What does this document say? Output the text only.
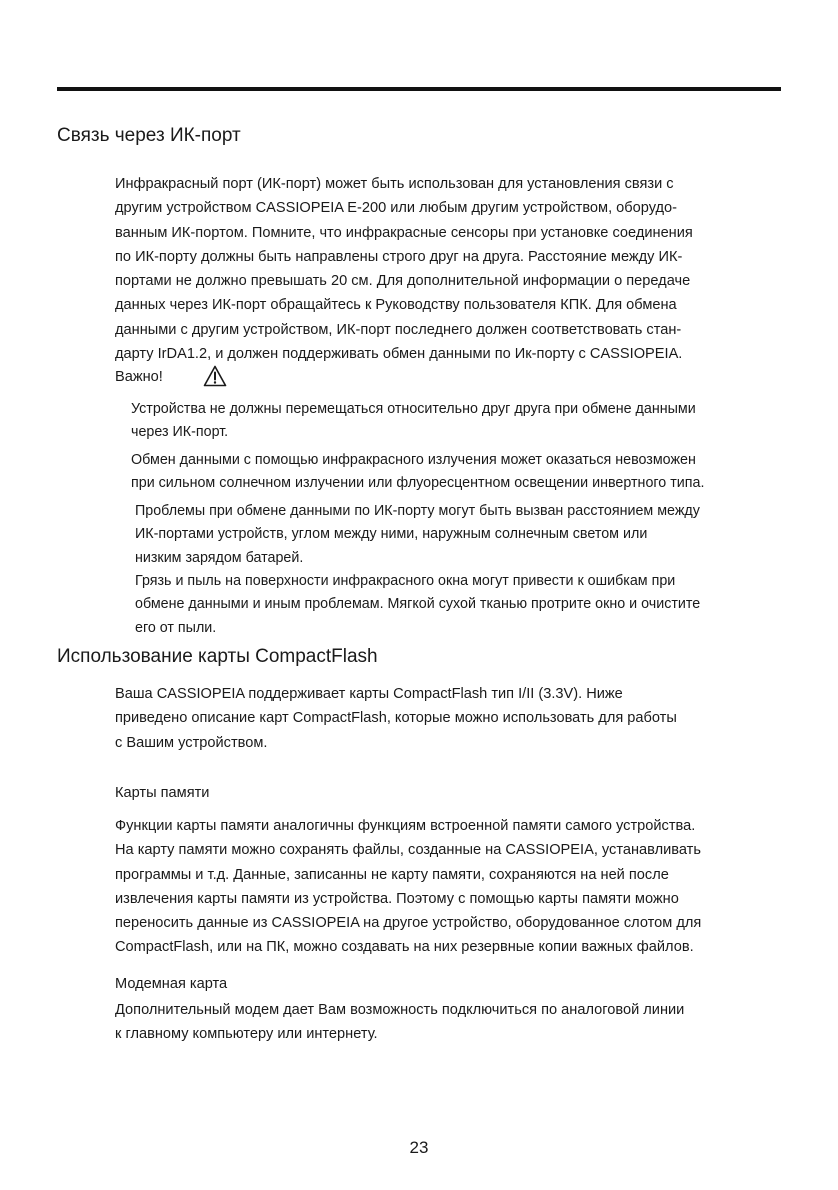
Связь через ИК-порт

Инфракрасный порт (ИК-порт) может быть использован для установления связи с
другим устройством CASSIOPEIA E-200 или любым другим устройством, оборудо-
ванным ИК-портом. Помните, что инфракрасные сенсоры при установке соединения
по ИК-порту должны быть направлены строго друг на друга. Расстояние между ИК-
портами не должно превышать 20 см. Для дополнительной информации о передаче
данных через ИК-порт обращайтесь к Руководству пользователя КПК. Для обмена
данными с другим устройством, ИК-порт последнего должен соответствовать стан-
дарту IrDA1.2, и должен поддерживать обмен данными по Ик-порту с CASSIOPEIA.

Важно!

Устройства не должны перемещаться относительно друг друга при обмене данными
через ИК-порт.

Обмен данными с помощью инфракрасного излучения может оказаться невозможен
при сильном солнечном излучении или флуоресцентном освещении инвертного типа.

Проблемы при обмене данными по ИК-порту могут быть вызван расстоянием между
ИК-портами устройств, углом между ними, наружным солнечным светом или
низким зарядом батарей.

Грязь и пыль на поверхности инфракрасного окна могут привести к ошибкам при
обмене данными и иным проблемам. Мягкой сухой тканью протрите окно и очистите
его от пыли.

Использование карты CompactFlash

Ваша CASSIOPEIA поддерживает карты CompactFlash тип I/II (3.3V). Ниже
приведено описание карт CompactFlash, которые можно использовать для работы
с Вашим устройством.

Карты памяти

Функции карты памяти аналогичны функциям встроенной памяти самого устройства.
На карту памяти можно сохранять файлы, созданные на CASSIOPEIA, устанавливать
программы и т.д. Данные, записанны не карту памяти, сохраняются на ней после
извлечения карты памяти из устройства. Поэтому с помощью карты памяти можно
переносить данные из CASSIOPEIA на другое устройство, оборудованное слотом для
CompactFlash, или на ПК, можно создавать на них резервные копии важных файлов.

Модемная карта

Дополнительный модем дает Вам возможность подключиться по аналоговой линии
к главному компьютеру или интернету.

23
